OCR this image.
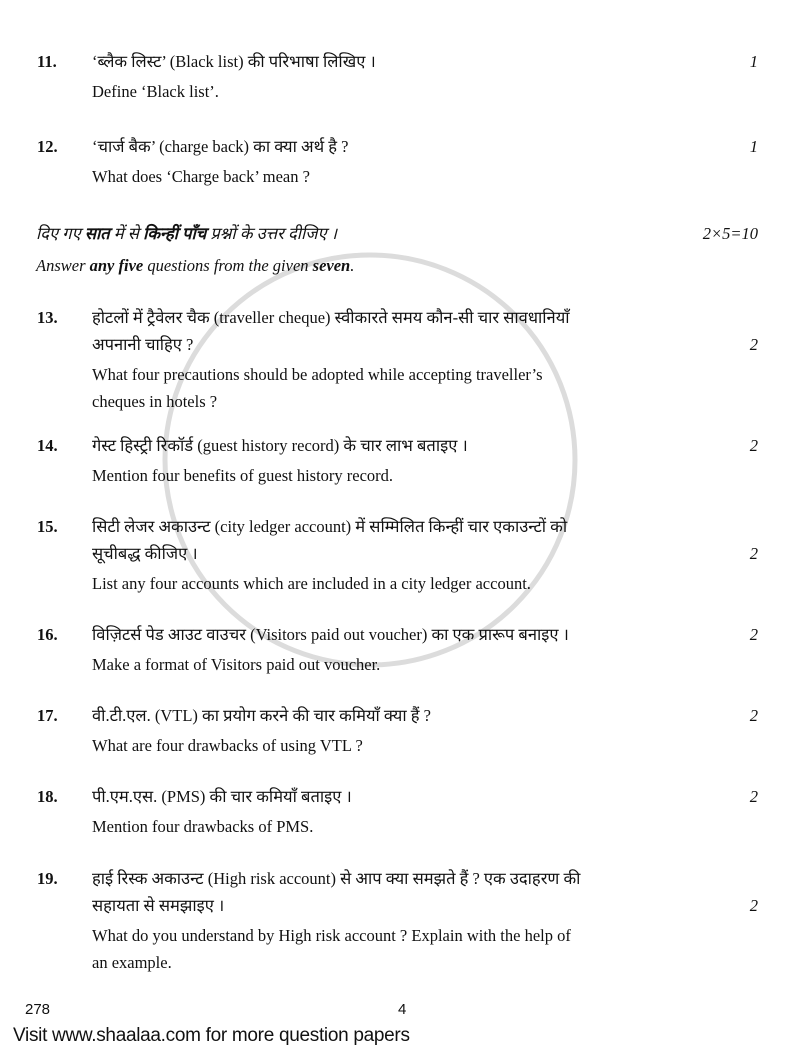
11. ‘ब्लैक लिस्ट’ (Black list) की परिभाषा लिखिए ।
Define ‘Black list’.
1
12. ‘चार्ज बैक’ (charge back) का क्या अर्थ है ?
What does ‘Charge back’ mean ?
1
दिए गए सात में से किन्हीं पाँच प्रश्नों के उत्तर दीजिए ।
Answer any five questions from the given seven.
2×5=10
13. होटलों में ट्रैवेलर चैक (traveller cheque) स्वीकारते समय कौन-सी चार सावधानियाँ
अपनानी चाहिए ?
What four precautions should be adopted while accepting traveller’s
cheques in hotels ?
2
14. गेस्ट हिस्ट्री रिकॉर्ड (guest history record) के चार लाभ बताइए ।
Mention four benefits of guest history record.
2
15. सिटी लेजर अकाउन्ट (city ledger account) में सम्मिलित किन्हीं चार एकाउन्टों को
सूचीबद्ध कीजिए ।
List any four accounts which are included in a city ledger account.
2
16. विज़िटर्स पेड आउट वाउचर (Visitors paid out voucher) का एक प्रारूप बनाइए ।
Make a format of Visitors paid out voucher.
2
17. वी.टी.एल. (VTL) का प्रयोग करने की चार कमियाँ क्या हैं ?
What are four drawbacks of using VTL ?
2
18. पी.एम.एस. (PMS) की चार कमियाँ बताइए ।
Mention four drawbacks of PMS.
2
19. हाई रिस्क अकाउन्ट (High risk account) से आप क्या समझते हैं ? एक उदाहरण की
सहायता से समझाइए ।
What do you understand by High risk account ? Explain with the help of
an example.
2
278	4
Visit www.shaalaa.com for more question papers
